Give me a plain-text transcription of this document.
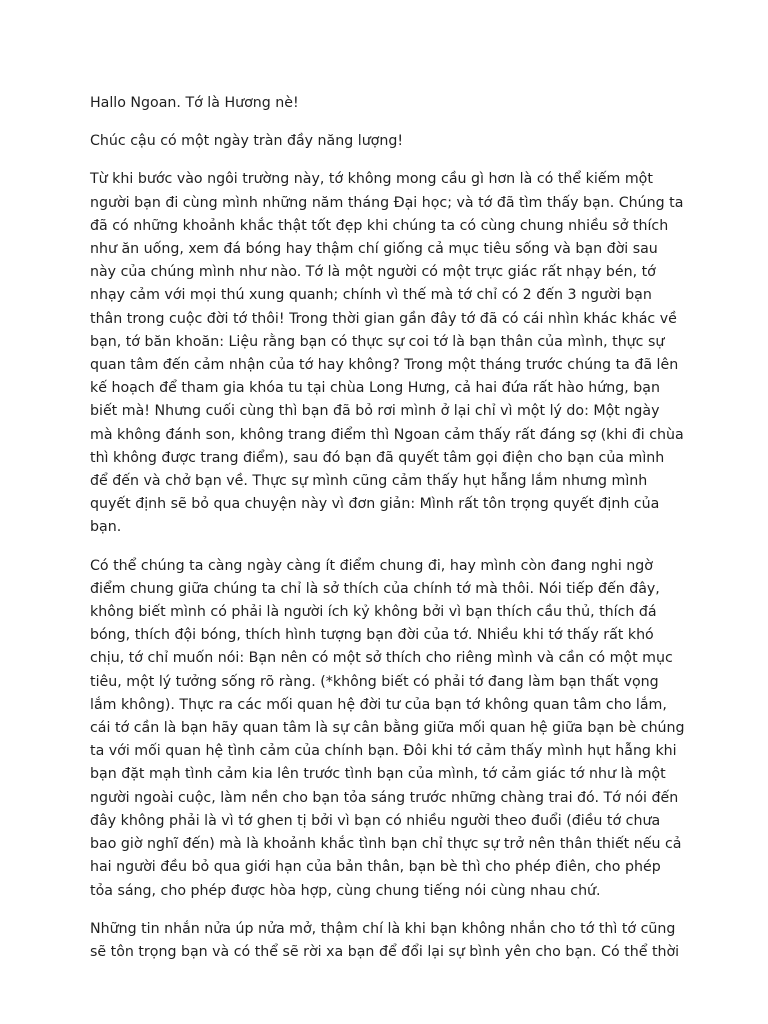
Hallo Ngoan. Tớ là Hương nè!

Chúc cậu có một ngày tràn đầy năng lượng!

Từ khi bước vào ngôi trường này, tớ không mong cầu gì hơn là có thể kiếm một người bạn đi cùng mình những năm tháng Đại học; và tớ đã tìm thấy bạn. Chúng ta đã có những khoảnh khắc thật tốt đẹp khi chúng ta có cùng chung nhiều sở thích như ăn uống, xem đá bóng hay thậm chí giống cả mục tiêu sống và bạn đời sau này của chúng mình như nào. Tớ là một người có một trực giác rất nhạy bén, tớ nhạy cảm với mọi thú xung quanh; chính vì thế mà tớ chỉ có 2 đến 3 người bạn thân trong cuộc đời tớ thôi! Trong thời gian gần đây tớ đã có cái nhìn khác khác về bạn, tớ băn khoăn: Liệu rằng bạn có thực sự coi tớ là bạn thân của mình, thực sự quan tâm đến cảm nhận của tớ hay không? Trong một tháng trước chúng ta đã lên kế hoạch để tham gia khóa tu tại chùa Long Hưng, cả hai đứa rất hào hứng, bạn biết mà! Nhưng cuối cùng thì bạn đã bỏ rơi mình ở lại chỉ vì một lý do: Một ngày mà không đánh son, không trang điểm thì Ngoan cảm thấy rất đáng sợ (khi đi chùa thì không được trang điểm), sau đó bạn đã quyết tâm gọi điện cho bạn của mình để đến và chở bạn về. Thực sự mình cũng cảm thấy hụt hẫng lắm nhưng mình quyết định sẽ bỏ qua chuyện này vì đơn giản: Mình rất tôn trọng quyết định của bạn.

Có thể chúng ta càng ngày càng ít điểm chung đi, hay mình còn đang nghi ngờ điểm chung giữa chúng ta chỉ là sở thích của chính tớ mà thôi. Nói tiếp đến đây, không biết mình có phải là người ích kỷ không bởi vì bạn thích cầu thủ, thích đá bóng, thích đội bóng, thích hình tượng bạn đời của tớ. Nhiều khi tớ thấy rất khó chịu, tớ chỉ muốn nói: Bạn nên có một sở thích cho riêng mình và cần có một mục tiêu, một lý tưởng sống rõ ràng. (*không biết có phải tớ đang làm bạn thất vọng lắm không). Thực ra các mối quan hệ đời tư của bạn tớ không quan tâm cho lắm, cái tớ cần là bạn hãy quan tâm là sự cân bằng giữa mối quan hệ giữa bạn bè chúng ta với mối quan hệ tình cảm của chính bạn. Đôi khi tớ cảm thấy mình hụt hẫng khi bạn đặt mạh tình cảm kia lên trước tình bạn của mình, tớ cảm giác tớ như là một người ngoài cuộc, làm nền cho bạn tỏa sáng trước những chàng trai đó. Tớ nói đến đây không phải là vì tớ ghen tị bởi vì bạn có nhiều người theo đuổi (điều tớ chưa bao giờ nghĩ đến) mà là khoảnh khắc tình bạn chỉ thực sự trở nên thân thiết nếu cả hai người đều bỏ qua giới hạn của bản thân, bạn bè thì cho phép điên, cho phép tỏa sáng, cho phép được hòa hợp, cùng chung tiếng nói cùng nhau chứ.

Những tin nhắn nửa úp nửa mở, thậm chí là khi bạn không nhắn cho tớ thì tớ cũng sẽ tôn trọng bạn và có thể sẽ rời xa bạn để đổi lại sự bình yên cho bạn. Có thể thời
